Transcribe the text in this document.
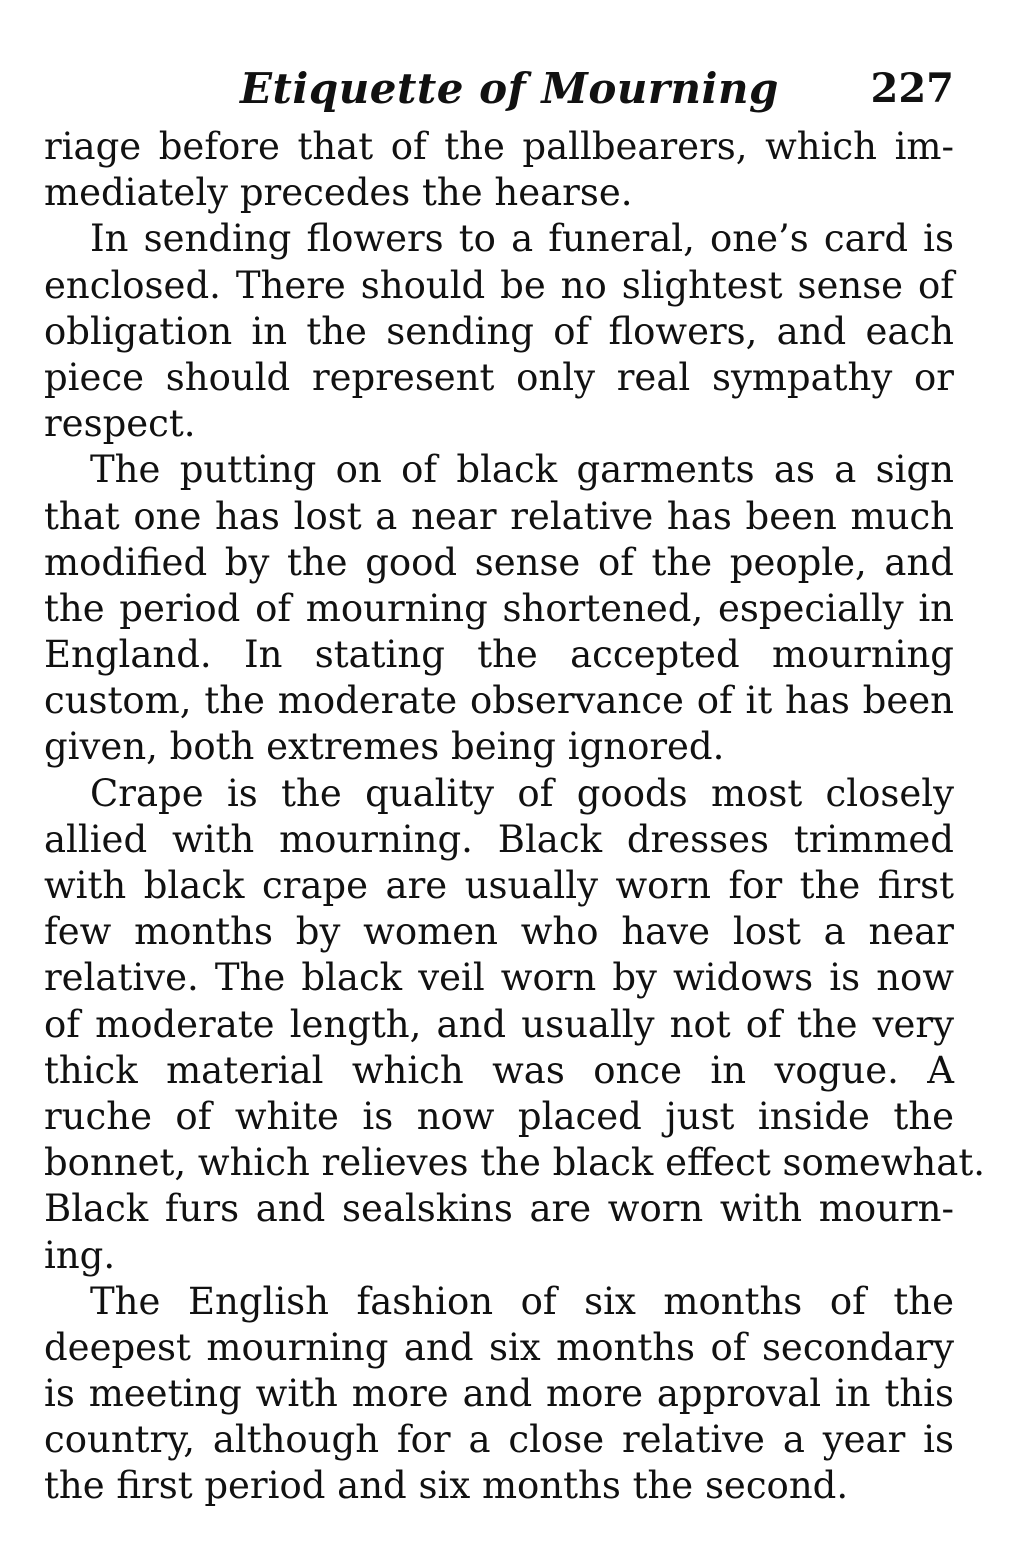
Etiquette of Mourning 227
riage before that of the pallbearers, which im-
mediately precedes the hearse.
In sending flowers to a funeral, one’s card is
enclosed. There should be no slightest sense of
obligation in the sending of flowers, and each
piece should represent only real sympathy or
respect.
The putting on of black garments as a sign
that one has lost a near relative has been much
modified by the good sense of the people, and
the period of mourning shortened, especially in
England. In stating the accepted mourning
custom, the moderate observance of it has been
given, both extremes being ignored.
Crape is the quality of goods most closely
allied with mourning. Black dresses trimmed
with black crape are usually worn for the first
few months by women who have lost a near
relative. The black veil worn by widows is now
of moderate length, and usually not of the very
thick material which was once in vogue. A
ruche of white is now placed just inside the
bonnet, which relieves the black effect somewhat.
Black furs and sealskins are worn with mourn-
ing.
The English fashion of six months of the
deepest mourning and six months of secondary
is meeting with more and more approval in this
country, although for a close relative a year is
the first period and six months the second.
